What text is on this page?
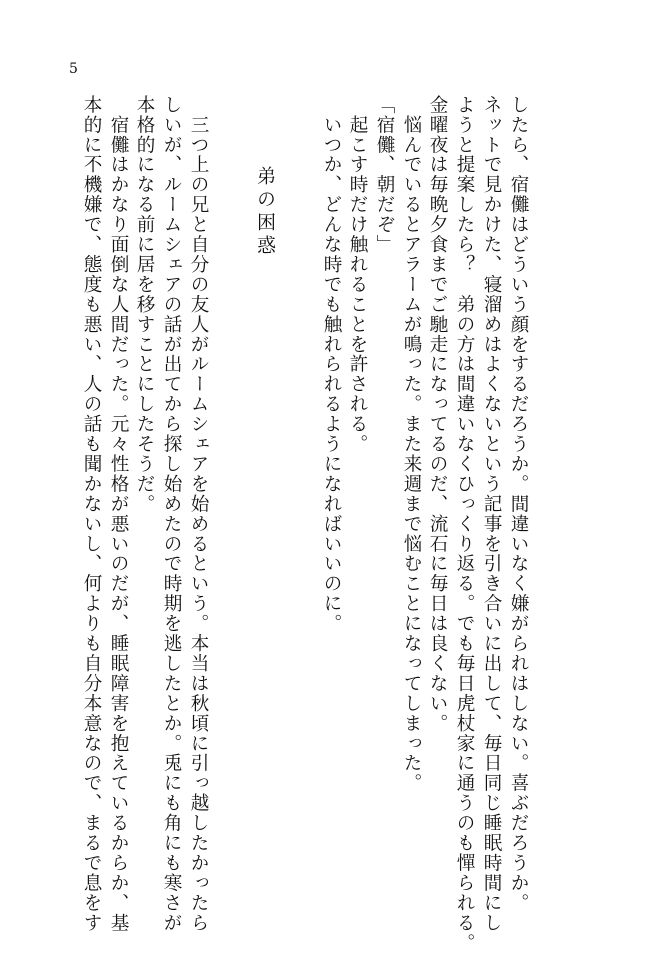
5
したら、宿儺はどういう顔をするだろうか。間違いなく嫌がられはしない。喜ぶだろうか。
ネットで見かけた、寝溜めはよくないという記事を引き合いに出して、毎日同じ睡眠時間にし
ようと提案したら？　弟の方は間違いなくひっくり返る。でも毎日虎杖家に通うのも憚られる。
金曜夜は毎晩夕食までご馳走になってるのだ、流石に毎日は良くない。
　悩んでいるとアラームが鳴った。また来週まで悩むことになってしまった。
「宿儺、朝だぞ」
　起こす時だけ触れることを許される。
　いつか、どんな時でも触れられるようになればいいのに。
弟の困惑
　三つ上の兄と自分の友人がルームシェアを始めるという。本当は秋頃に引っ越したかったら
しいが、ルームシェアの話が出てから探し始めたので時期を逃したとか。兎にも角にも寒さが
本格的になる前に居を移すことにしたそうだ。
　宿儺はかなり面倒な人間だった。元々性格が悪いのだが、睡眠障害を抱えているからか、基
本的に不機嫌で、態度も悪い、人の話も聞かないし、何よりも自分本意なので、まるで息をす
